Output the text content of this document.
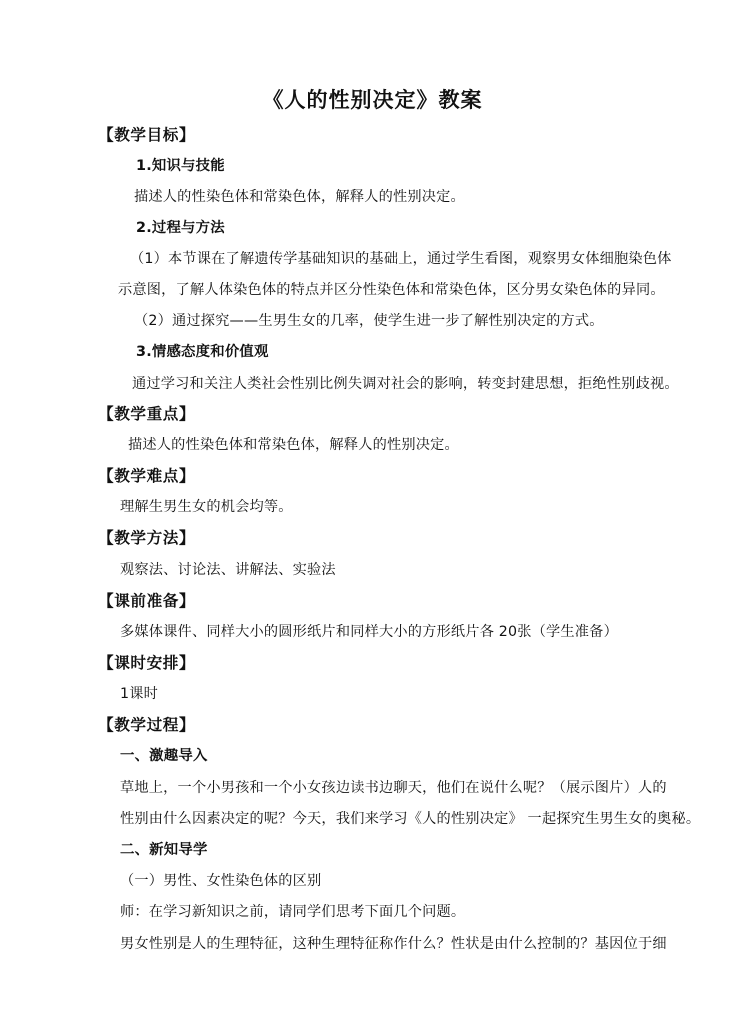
《人的性别决定》教案
【教学目标】
1.知识与技能
描述人的性染色体和常染色体，解释人的性别决定。
2.过程与方法
（1）本节课在了解遗传学基础知识的基础上，通过学生看图，观察男女体细胞染色体
示意图，了解人体染色体的特点并区分性染色体和常染色体，区分男女染色体的异同。
（2）通过探究——生男生女的几率，使学生进一步了解性别决定的方式。
3.情感态度和价值观
通过学习和关注人类社会性别比例失调对社会的影响，转变封建思想，拒绝性别歧视。
【教学重点】
描述人的性染色体和常染色体，解释人的性别决定。
【教学难点】
理解生男生女的机会均等。
【教学方法】
观察法、讨论法、讲解法、实验法
【课前准备】
多媒体课件、同样大小的圆形纸片和同样大小的方形纸片各 20张（学生准备）
【课时安排】
1课时
【教学过程】
一、激趣导入
草地上，一个小男孩和一个小女孩边读书边聊天，他们在说什么呢？（展示图片）人的
性别由什么因素决定的呢？今天，我们来学习《人的性别决定》 一起探究生男生女的奥秘。
二、新知导学
（一）男性、女性染色体的区别
师：在学习新知识之前，请同学们思考下面几个问题。
男女性别是人的生理特征，这种生理特征称作什么？性状是由什么控制的？基因位于细
